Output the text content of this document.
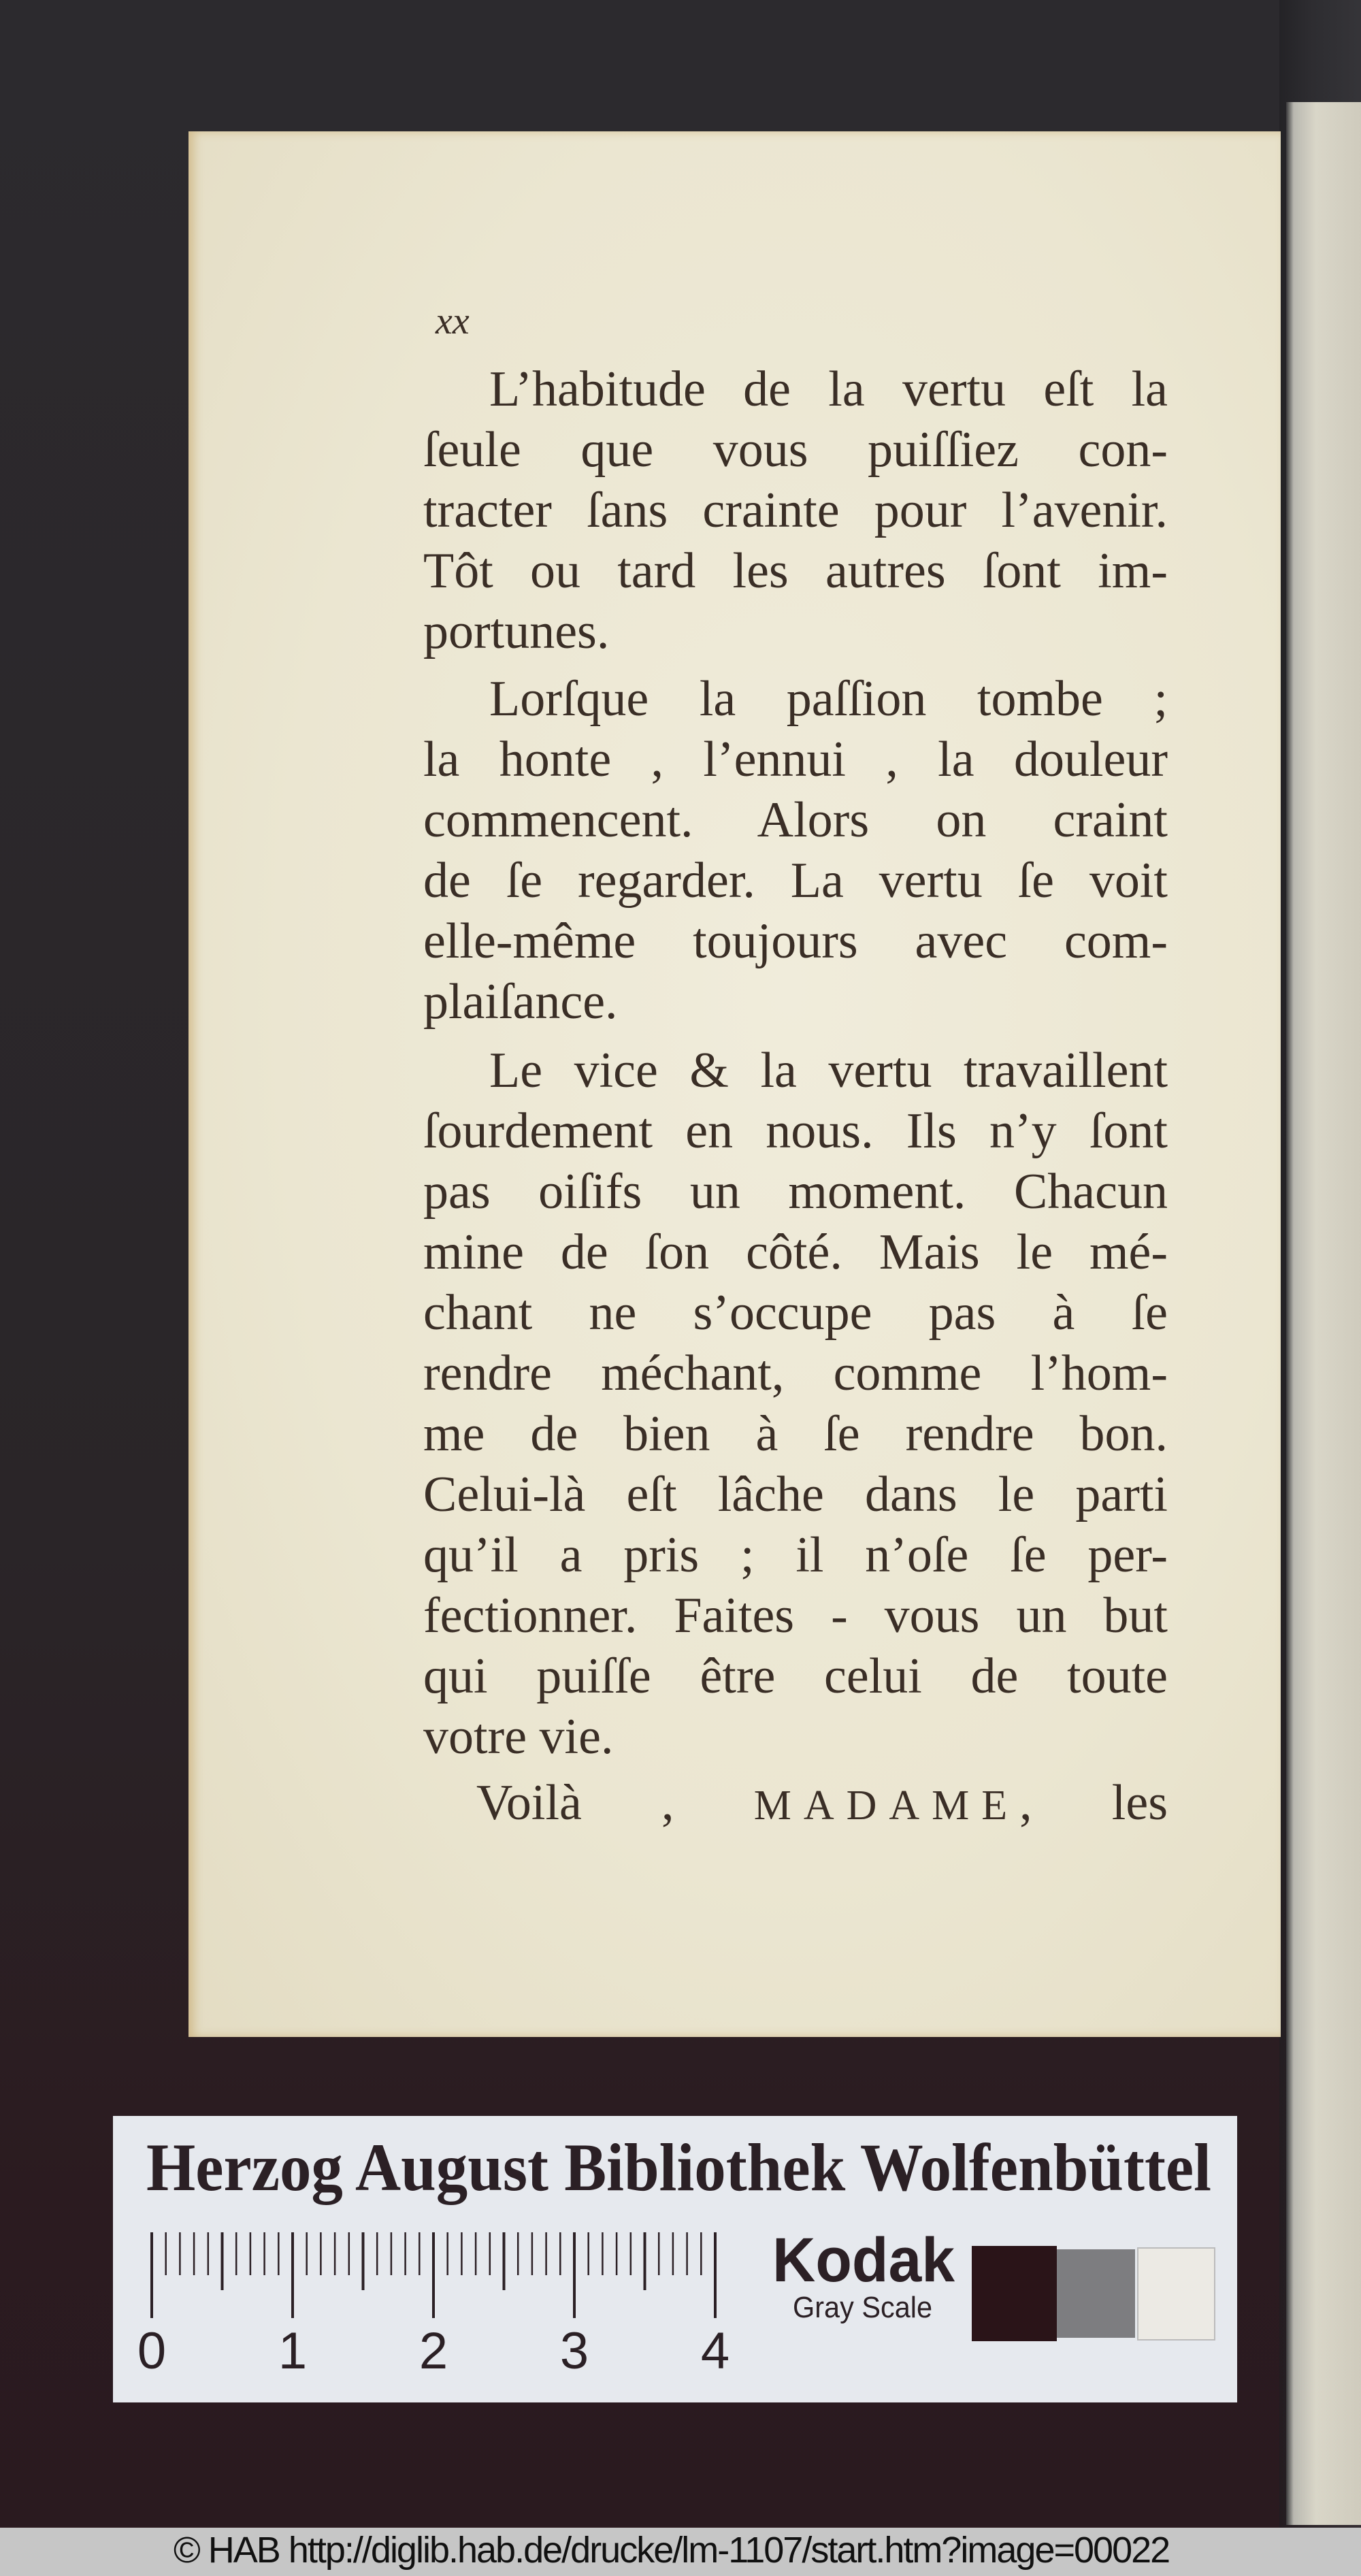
xx
L’habitude de la vertu eſt la
ſeule que vous puiſſiez con-
tracter ſans crainte pour l’avenir.
Tôt ou tard les autres ſont im-
portunes.
Lorſque la paſſion tombe ;
la honte , l’ennui , la douleur
commencent. Alors on craint
de ſe regarder. La vertu ſe voit
elle-même toujours avec com-
plaiſance.
Le vice & la vertu travaillent
ſourdement en nous. Ils n’y ſont
pas oiſifs un moment. Chacun
mine de ſon côté. Mais le mé-
chant ne s’occupe pas à ſe
rendre méchant, comme l’hom-
me de bien à ſe rendre bon.
Celui-là eſt lâche dans le parti
qu’il a pris ; il n’oſe ſe per-
fectionner. Faites - vous un but
qui puiſſe être celui de toute
votre vie.
Voilà , MADAME, les
Herzog August Bibliothek Wolfenbüttel
0 1 2 3 4
Kodak
Gray Scale
© HAB http://diglib.hab.de/drucke/lm-1107/start.htm?image=00022
